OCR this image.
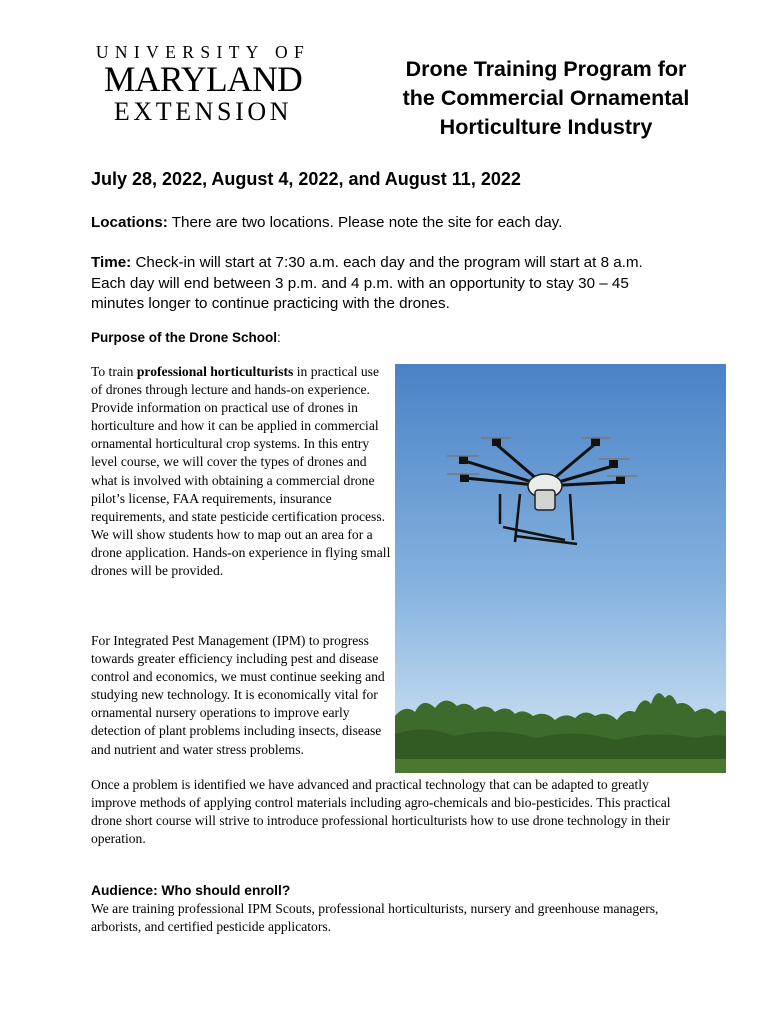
UNIVERSITY OF
MARYLAND
EXTENSION
Drone Training Program for
the Commercial Ornamental
Horticulture Industry
July 28, 2022, August 4, 2022, and August 11, 2022
Locations: There are two locations. Please note the site for each day.
Time: Check-in will start at 7:30 a.m. each day and the program will start at 8 a.m. Each day will end between 3 p.m. and 4 p.m. with an opportunity to stay 30 – 45 minutes longer to continue practicing with the drones.
Purpose of the Drone School:
To train professional horticulturists in practical use of drones through lecture and hands-on experience. Provide information on practical use of drones in horticulture and how it can be applied in commercial ornamental horticultural crop systems. In this entry level course, we will cover the types of drones and what is involved with obtaining a commercial drone pilot’s license, FAA requirements, insurance requirements, and state pesticide certification process. We will show students how to map out an area for a drone application. Hands-on experience in flying small drones will be provided.
For Integrated Pest Management (IPM) to progress towards greater efficiency including pest and disease control and economics, we must continue seeking and studying new technology. It is economically vital for ornamental nursery operations to improve early detection of plant problems including insects, disease and nutrient and water stress problems.
Once a problem is identified we have advanced and practical technology that can be adapted to greatly improve methods of applying control materials including agro-chemicals and bio-pesticides. This practical drone short course will strive to introduce professional horticulturists how to use drone technology in their operation.
Audience: Who should enroll?
We are training professional IPM Scouts, professional horticulturists, nursery and greenhouse managers, arborists, and certified pesticide applicators.
